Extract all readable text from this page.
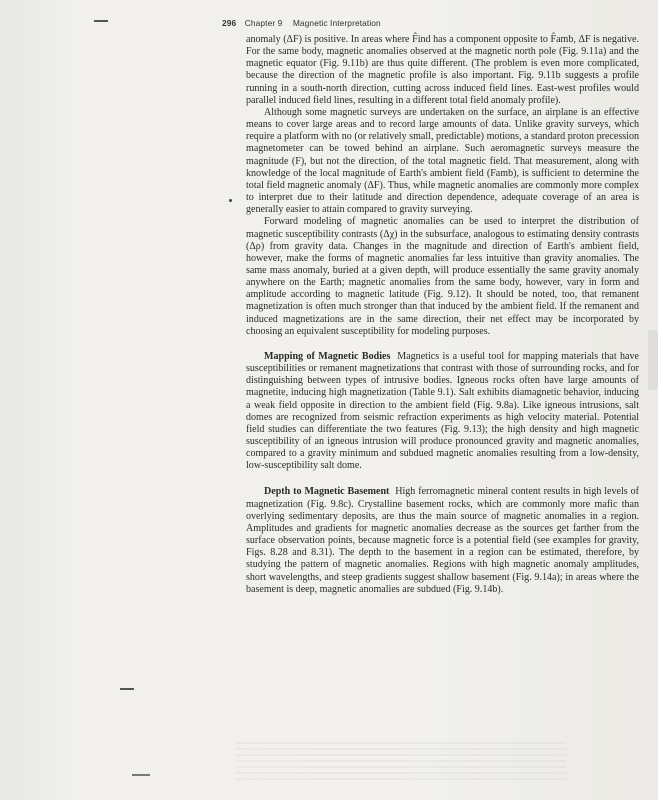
296 Chapter 9 Magnetic Interpretation

anomaly (ΔF) is positive. In areas where F̂ind has a component opposite to F̂amb, ΔF is negative. For the same body, magnetic anomalies observed at the magnetic north pole (Fig. 9.11a) and the magnetic equator (Fig. 9.11b) are thus quite different. (The problem is even more complicated, because the direction of the magnetic profile is also important. Fig. 9.11b suggests a profile running in a south-north direction, cutting across induced field lines. East-west profiles would parallel induced field lines, resulting in a different total field anomaly profile).

Although some magnetic surveys are undertaken on the surface, an airplane is an effective means to cover large areas and to record large amounts of data. Unlike gravity surveys, which require a platform with no (or relatively small, predictable) motions, a standard proton precession magnetometer can be towed behind an airplane. Such aeromagnetic surveys measure the magnitude (F), but not the direction, of the total magnetic field. That measurement, along with knowledge of the local magnitude of Earth's ambient field (Famb), is sufficient to determine the total field magnetic anomaly (ΔF). Thus, while magnetic anomalies are commonly more complex to interpret due to their latitude and direction dependence, adequate coverage of an area is generally easier to attain compared to gravity surveying.

Forward modeling of magnetic anomalies can be used to interpret the distribution of magnetic susceptibility contrasts (Δχ) in the subsurface, analogous to estimating density contrasts (Δρ) from gravity data. Changes in the magnitude and direction of Earth's ambient field, however, make the forms of magnetic anomalies far less intuitive than gravity anomalies. The same mass anomaly, buried at a given depth, will produce essentially the same gravity anomaly anywhere on the Earth; magnetic anomalies from the same body, however, vary in form and amplitude according to magnetic latitude (Fig. 9.12). It should be noted, too, that remanent magnetization is often much stronger than that induced by the ambient field. If the remanent and induced magnetizations are in the same direction, their net effect may be incorporated by choosing an equivalent susceptibility for modeling purposes.

Mapping of Magnetic Bodies Magnetics is a useful tool for mapping materials that have susceptibilities or remanent magnetizations that contrast with those of surrounding rocks, and for distinguishing between types of intrusive bodies. Igneous rocks often have large amounts of magnetite, inducing high magnetization (Table 9.1). Salt exhibits diamagnetic behavior, inducing a weak field opposite in direction to the ambient field (Fig. 9.8a). Like igneous intrusions, salt domes are recognized from seismic refraction experiments as high velocity material. Potential field studies can differentiate the two features (Fig. 9.13); the high density and high magnetic susceptibility of an igneous intrusion will produce pronounced gravity and magnetic anomalies, compared to a gravity minimum and subdued magnetic anomalies resulting from a low-density, low-susceptibility salt dome.

Depth to Magnetic Basement High ferromagnetic mineral content results in high levels of magnetization (Fig. 9.8c). Crystalline basement rocks, which are commonly more mafic than overlying sedimentary deposits, are thus the main source of magnetic anomalies in a region. Amplitudes and gradients for magnetic anomalies decrease as the sources get farther from the surface observation points, because magnetic force is a potential field (see examples for gravity, Figs. 8.28 and 8.31). The depth to the basement in a region can be estimated, therefore, by studying the pattern of magnetic anomalies. Regions with high magnetic anomaly amplitudes, short wavelengths, and steep gradients suggest shallow basement (Fig. 9.14a); in areas where the basement is deep, magnetic anomalies are subdued (Fig. 9.14b).
